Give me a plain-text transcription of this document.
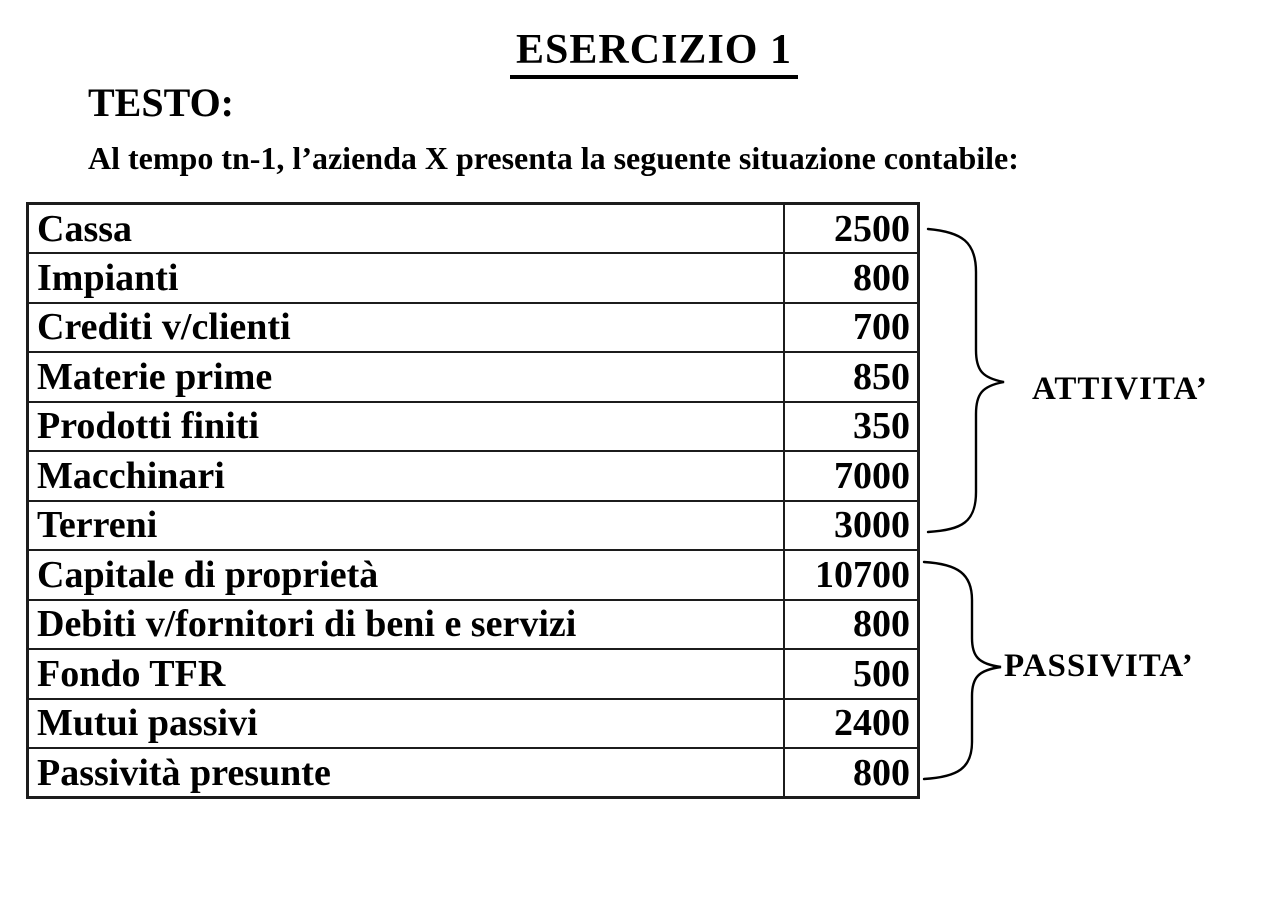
ESERCIZIO 1
TESTO:
Al tempo tn-1, l’azienda X presenta la seguente situazione contabile:
Cassa	2500
Impianti	800
Crediti v/clienti	700
Materie prime	850
Prodotti finiti	350
Macchinari	7000
Terreni	3000
Capitale di proprietà	10700
Debiti v/fornitori di beni e servizi	800
Fondo TFR	500
Mutui passivi	2400
Passività presunte	800
ATTIVITA’
PASSIVITA’
